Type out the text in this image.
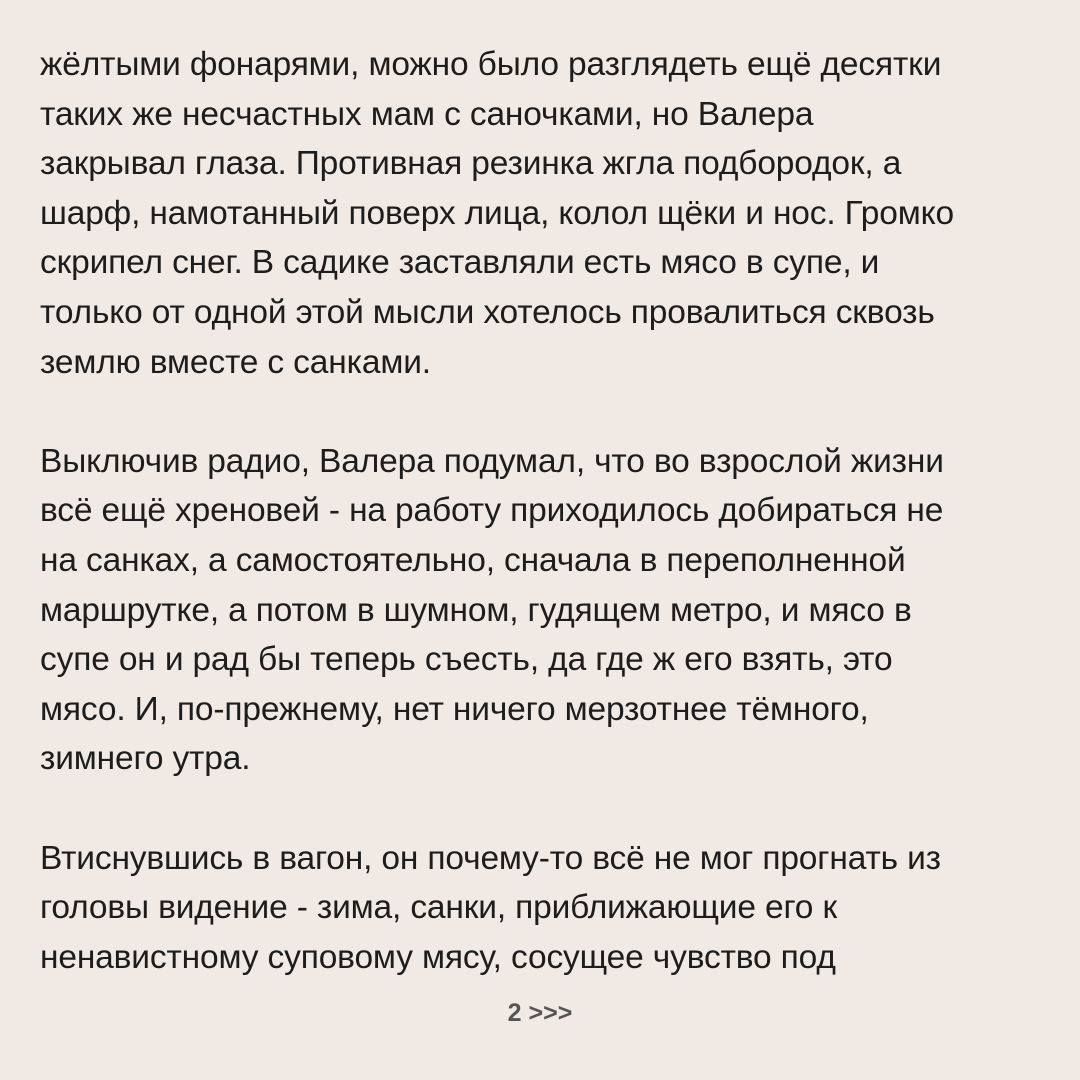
жёлтыми фонарями, можно было разглядеть ещё десятки
таких же несчастных мам с саночками, но Валера
закрывал глаза. Противная резинка жгла подбородок, а
шарф, намотанный поверх лица, колол щёки и нос. Громко
скрипел снег. В садике заставляли есть мясо в супе, и
только от одной этой мысли хотелось провалиться сквозь
землю вместе с санками.
Выключив радио, Валера подумал, что во взрослой жизни
всё ещё хреновей - на работу приходилось добираться не
на санках, а самостоятельно, сначала в переполненной
маршрутке, а потом в шумном, гудящем метро, и мясо в
супе он и рад бы теперь съесть, да где ж его взять, это
мясо. И, по-прежнему, нет ничего мерзотнее тёмного,
зимнего утра.
Втиснувшись в вагон, он почему-то всё не мог прогнать из
головы видение - зима, санки, приближающие его к
ненавистному суповому мясу, сосущее чувство под
2 >>>
